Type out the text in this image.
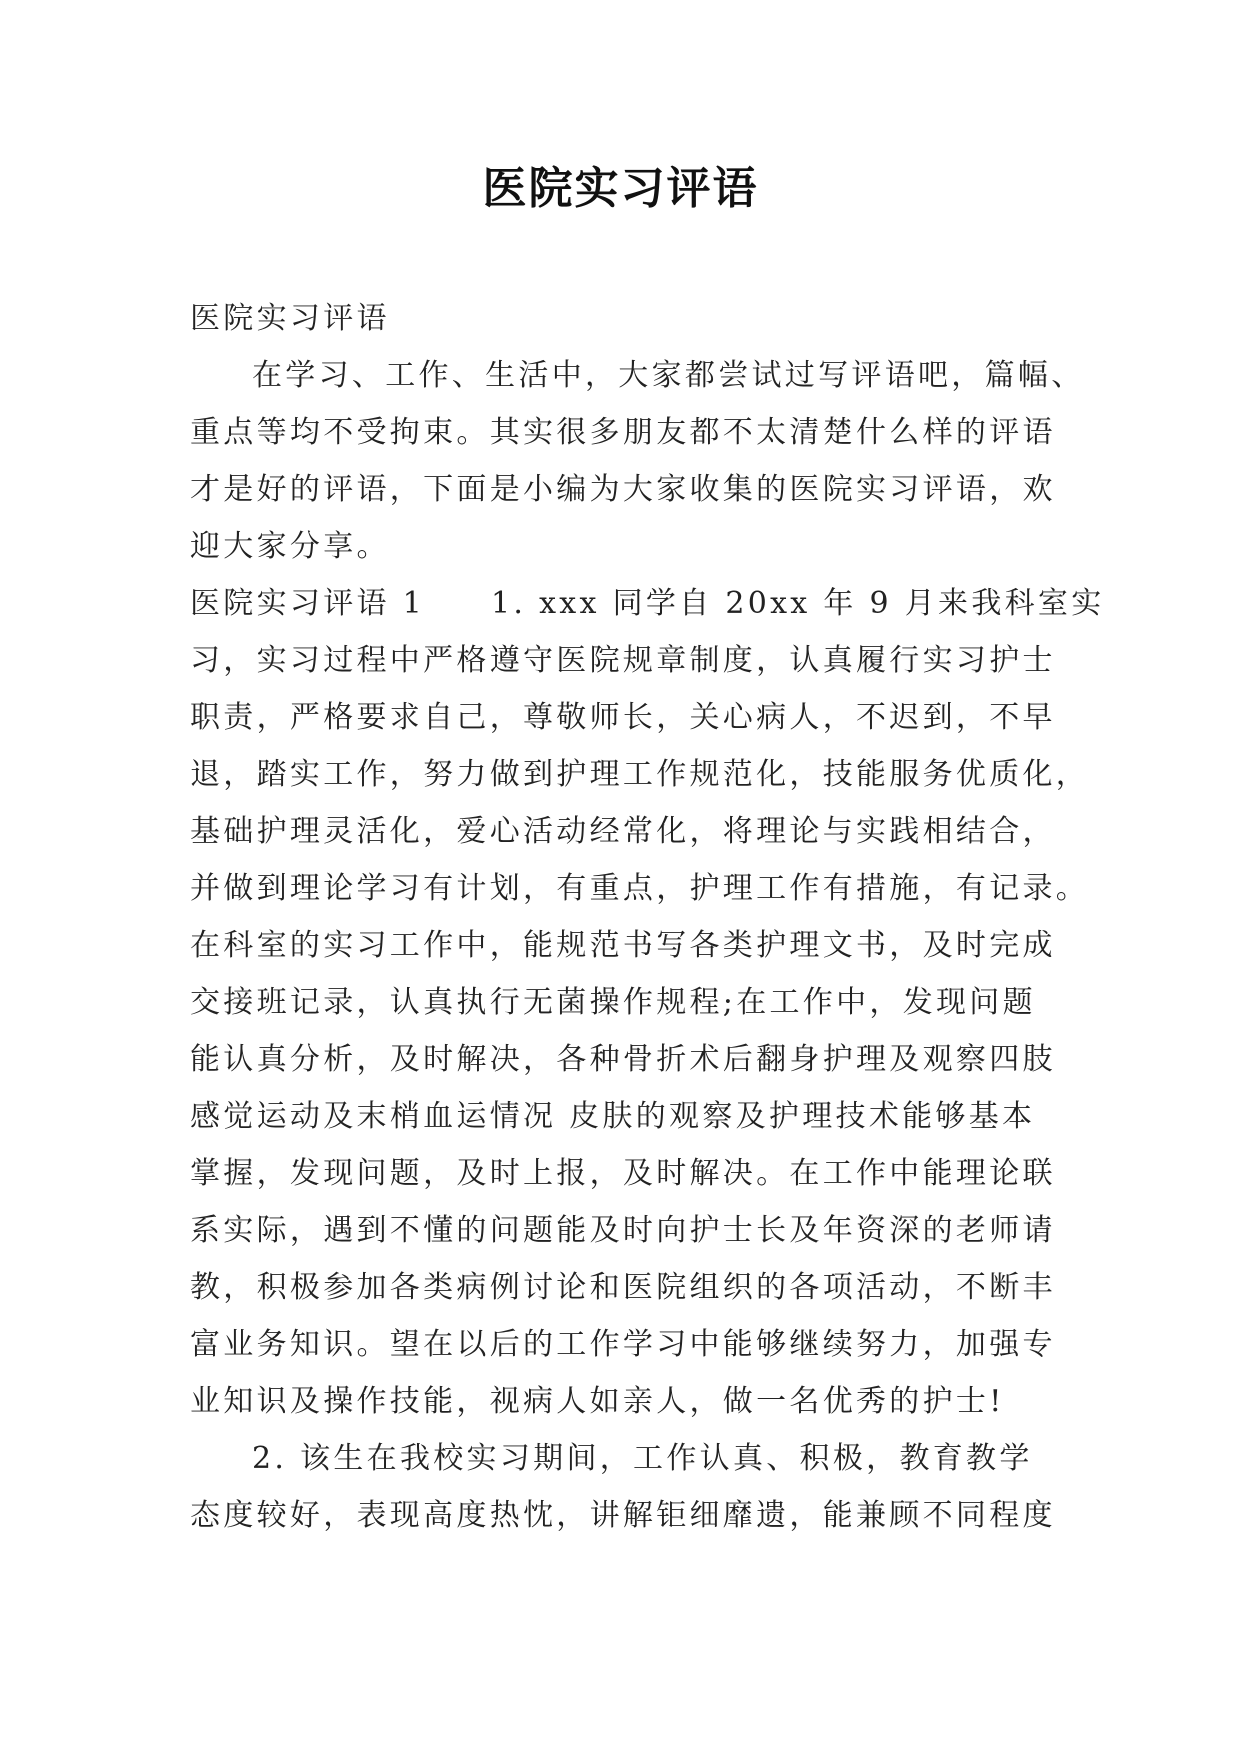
医院实习评语
医院实习评语
在学习、工作、生活中，大家都尝试过写评语吧，篇幅、
重点等均不受拘束。其实很多朋友都不太清楚什么样的评语
才是好的评语，下面是小编为大家收集的医院实习评语，欢
迎大家分享。
医院实习评语 1 1. xxx 同学自 20xx 年 9 月来我科室实
习，实习过程中严格遵守医院规章制度，认真履行实习护士
职责，严格要求自己，尊敬师长，关心病人，不迟到，不早
退，踏实工作，努力做到护理工作规范化，技能服务优质化，
基础护理灵活化，爱心活动经常化，将理论与实践相结合，
并做到理论学习有计划，有重点，护理工作有措施，有记录。
在科室的实习工作中，能规范书写各类护理文书，及时完成
交接班记录，认真执行无菌操作规程;在工作中，发现问题
能认真分析，及时解决，各种骨折术后翻身护理及观察四肢
感觉运动及末梢血运情况 皮肤的观察及护理技术能够基本
掌握，发现问题，及时上报，及时解决。在工作中能理论联
系实际，遇到不懂的问题能及时向护士长及年资深的老师请
教，积极参加各类病例讨论和医院组织的各项活动，不断丰
富业务知识。望在以后的工作学习中能够继续努力，加强专
业知识及操作技能，视病人如亲人，做一名优秀的护士!
2. 该生在我校实习期间，工作认真、积极，教育教学
态度较好，表现高度热忱，讲解钜细靡遗，能兼顾不同程度
